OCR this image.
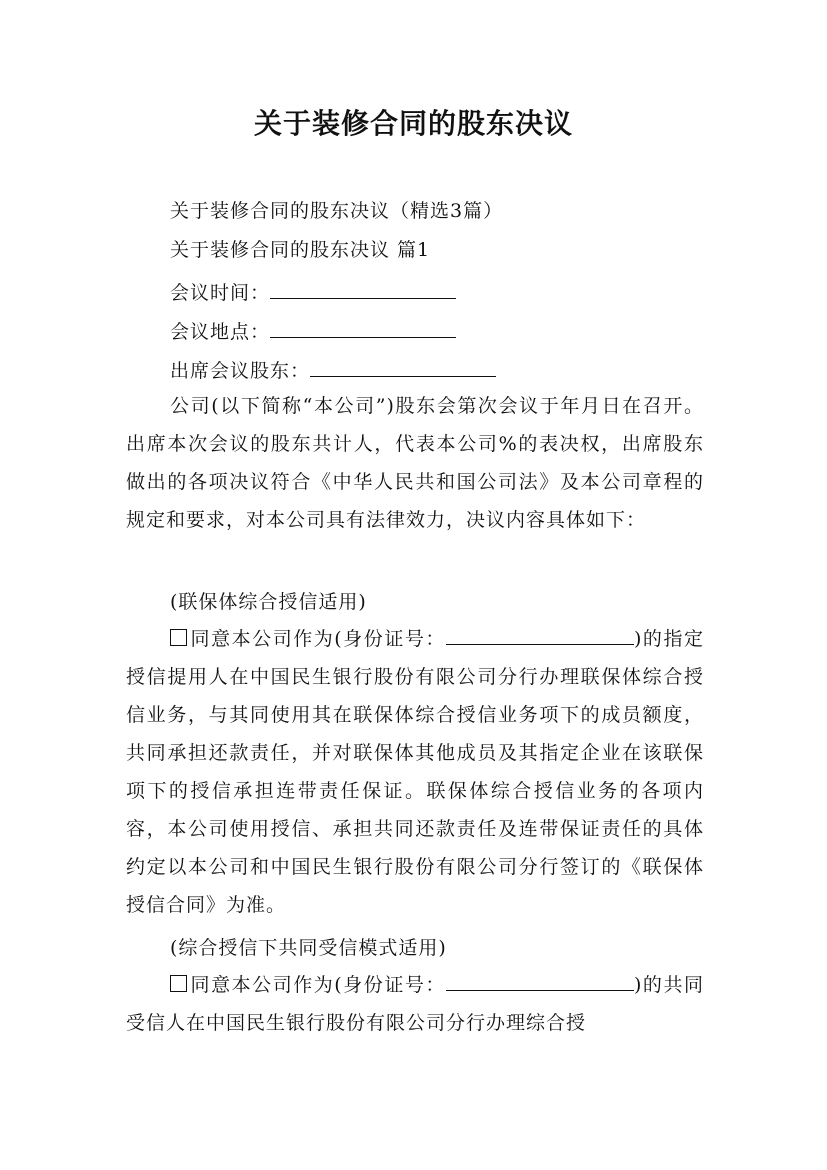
关于装修合同的股东决议
关于装修合同的股东决议（精选3篇）
关于装修合同的股东决议 篇1
会议时间：
会议地点：
出席会议股东：

公司(以下简称“本公司”)股东会第次会议于年月日在召开。出席本次会议的股东共计人，代表本公司%的表决权，出席股东做出的各项决议符合《中华人民共和国公司法》及本公司章程的规定和要求，对本公司具有法律效力，决议内容具体如下：

(联保体综合授信适用)

同意本公司作为(身份证号：	)的指定授信提用人在中国民生银行股份有限公司分行办理联保体综合授信业务，与其同使用其在联保体综合授信业务项下的成员额度，共同承担还款责任，并对联保体其他成员及其指定企业在该联保项下的授信承担连带责任保证。联保体综合授信业务的各项内容，本公司使用授信、承担共同还款责任及连带保证责任的具体约定以本公司和中国民生银行股份有限公司分行签订的《联保体授信合同》为准。

(综合授信下共同受信模式适用)

同意本公司作为(身份证号：	)的共同受信人在中国民生银行股份有限公司分行办理综合授
